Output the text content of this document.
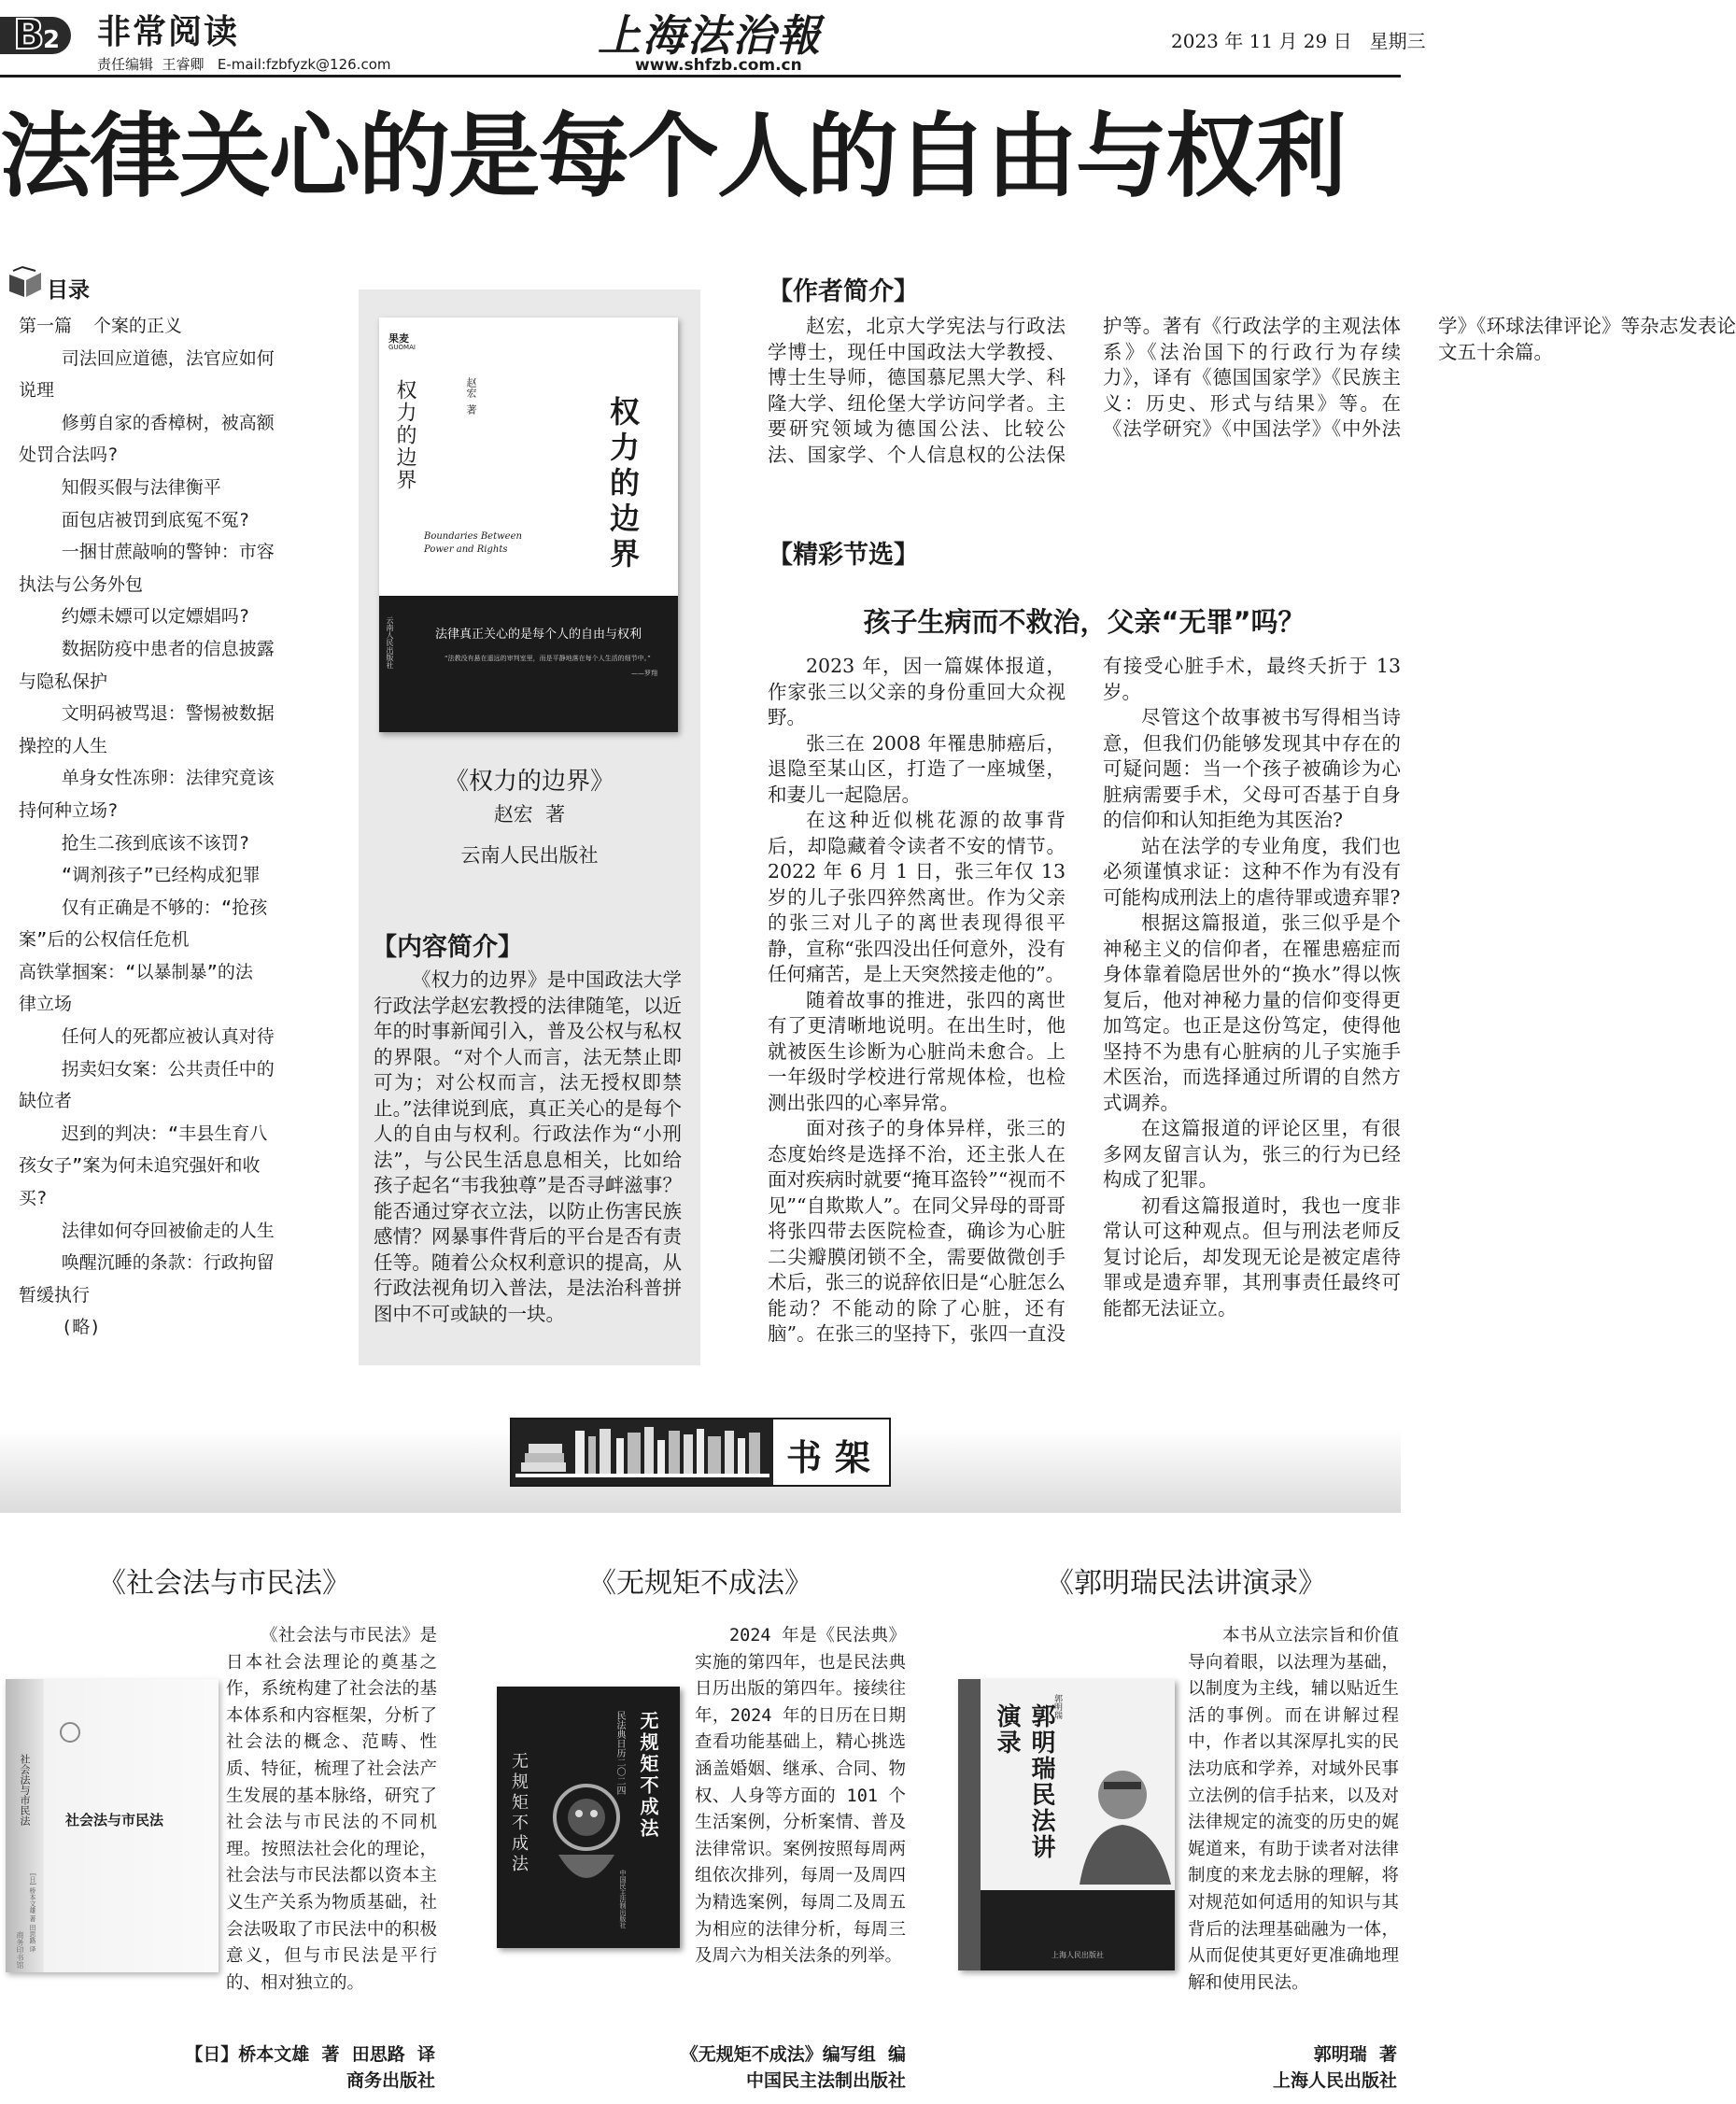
B
2 非常阅读
责任编辑  王睿卿   E-mail:fzbfyzk@126.com
上海法治報
www.shfzb.com.cn
2023 年 11 月 29 日   星期三
法律关心的是每个人的自由与权利
目录
第一篇  个案的正义
司法回应道德，法官应如何
说理
修剪自家的香樟树，被高额
处罚合法吗?
知假买假与法律衡平
面包店被罚到底冤不冤?
一捆甘蔗敲响的警钟：市容
执法与公务外包
约嫖未嫖可以定嫖娼吗?
数据防疫中患者的信息披露
与隐私保护
文明码被骂退：警惕被数据
操控的人生
单身女性冻卵：法律究竟该
持何种立场?
抢生二孩到底该不该罚?
“调剂孩子”已经构成犯罪
仅有正确是不够的：“抢孩
案”后的公权信任危机
高铁掌掴案：“以暴制暴”的法
律立场
任何人的死都应被认真对待
拐卖妇女案：公共责任中的
缺位者
迟到的判决：“丰县生育八
孩女子”案为何未追究强奸和收
买?
法律如何夺回被偷走的人生
唤醒沉睡的条款：行政拘留
暂缓执行
(略)
果麦
GUOMAI
权力的边界	赵宏  著	权力的边界
Boundaries Between Power and Rights
云南人民出版社	法律真正关心的是每个人的自由与权利
“法教没有悬在遥远的审判室里，而是平静地落在每个人生活的细节中。”
——罗翔
《权力的边界》
赵宏  著
云南人民出版社
【内容简介】
《权力的边界》是中国政法大学行政法学赵宏教授的法律随笔，以近年的时事新闻引入，普及公权与私权的界限。“对个人而言，法无禁止即可为；对公权而言，法无授权即禁止。”法律说到底，真正关心的是每个人的自由与权利。行政法作为“小刑法”，与公民生活息息相关，比如给孩子起名“韦我独尊”是否寻衅滋事？能否通过穿衣立法，以防止伤害民族感情？网暴事件背后的平台是否有责任等。随着公众权利意识的提高，从行政法视角切入普法，是法治科普拼图中不可或缺的一块。
【作者简介】
赵宏，北京大学宪法与行政法学博士，现任中国政法大学教授、博士生导师，德国慕尼黑大学、科隆大学、纽伦堡大学访问学者。主要研究领域为德国公法、比较公法、国家学、个人信息权的公法保护等。著有《行政法学的主观法体系》《法治国下的行政行为存续力》，译有《德国国家学》《民族主义：历史、形式与结果》等。在《法学研究》《中国法学》《中外法学》《环球法律评论》等杂志发表论文五十余篇。
【精彩节选】
孩子生病而不救治，父亲“无罪”吗？

2023 年，因一篇媒体报道，作家张三以父亲的身份重回大众视野。

张三在 2008 年罹患肺癌后，退隐至某山区，打造了一座城堡，和妻儿一起隐居。

在这种近似桃花源的故事背后，却隐藏着令读者不安的情节。2022 年 6 月 1 日，张三年仅 13 岁的儿子张四猝然离世。作为父亲的张三对儿子的离世表现得很平静，宣称“张四没出任何意外，没有任何痛苦，是上天突然接走他的”。

随着故事的推进，张四的离世有了更清晰地说明。在出生时，他就被医生诊断为心脏尚未愈合。上一年级时学校进行常规体检，也检测出张四的心率异常。

面对孩子的身体异样，张三的态度始终是选择不治，还主张人在面对疾病时就要“掩耳盗铃”“视而不见”“自欺欺人”。在同父异母的哥哥将张四带去医院检查，确诊为心脏二尖瓣膜闭锁不全，需要做微创手术后，张三的说辞依旧是“心脏怎么能动？不能动的除了心脏，还有脑”。在张三的坚持下，张四一直没有接受心脏手术，最终夭折于 13 岁。

尽管这个故事被书写得相当诗意，但我们仍能够发现其中存在的可疑问题：当一个孩子被确诊为心脏病需要手术，父母可否基于自身的信仰和认知拒绝为其医治?

站在法学的专业角度，我们也必须谨慎求证：这种不作为有没有可能构成刑法上的虐待罪或遗弃罪?

根据这篇报道，张三似乎是个神秘主义的信仰者，在罹患癌症而身体靠着隐居世外的“换水”得以恢复后，他对神秘力量的信仰变得更加笃定。也正是这份笃定，使得他坚持不为患有心脏病的儿子实施手术医治，而选择通过所谓的自然方式调养。

在这篇报道的评论区里，有很多网友留言认为，张三的行为已经构成了犯罪。

初看这篇报道时，我也一度非常认可这种观点。但与刑法老师反复讨论后，却发现无论是被定虐待罪或是遗弃罪，其刑事责任最终可能都无法证立。

书架
《社会法与市民法》
社会法与市民法 社会法与市民法
[日] 桥本文雄 著 田思路 译
商务印书馆

《社会法与市民法》是日本社会法理论的奠基之作，系统构建了社会法的基本体系和内容框架，分析了社会法的概念、范畴、性质、特征，梳理了社会法产生发展的基本脉络，研究了社会法与市民法的不同机理。按照法社会化的理论，社会法与市民法都以资本主义生产关系为物质基础，社会法吸取了市民法中的积极意义，但与市民法是平行的、相对独立的。

【日】桥本文雄  著  田思路  译
商务出版社
《无规矩不成法》
无规矩不成法
民法典日历二〇二四
无规矩不成法
中国民主法制出版社

2024 年是《民法典》实施的第四年，也是民法典日历出版的第四年。接续往年，2024 年的日历在日期查看功能基础上，精心挑选涵盖婚姻、继承、合同、物权、人身等方面的 101 个生活案例，分析案情、普及法律常识。案例按照每周两组依次排列，每周一及周四为精选案例，每周二及周五为相应的法律分析，每周三及周六为相关法条的列举。

《无规矩不成法》编写组  编
中国民主法制出版社
《郭明瑞民法讲演录》
郭明瑞民法讲演录	郭明瑞
上海人民出版社

本书从立法宗旨和价值导向着眼，以法理为基础，以制度为主线，辅以贴近生活的事例。而在讲解过程中，作者以其深厚扎实的民法功底和学养，对域外民事立法例的信手拈来，以及对法律规定的流变的历史的娓娓道来，有助于读者对法律制度的来龙去脉的理解，将对规范如何适用的知识与其背后的法理基础融为一体，从而促使其更好更准确地理解和使用民法。

郭明瑞  著
上海人民出版社
